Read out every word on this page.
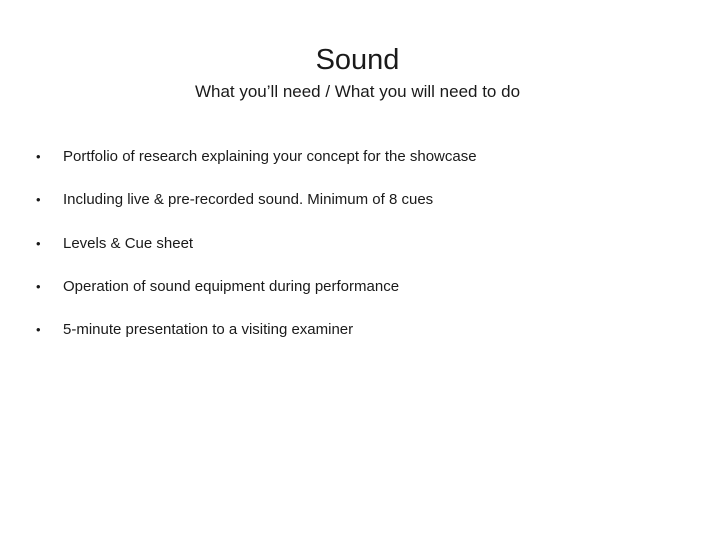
Sound

What you’ll need / What you will need to do

•	Portfolio of research explaining your concept for the showcase
•	Including live & pre-recorded sound. Minimum of 8 cues
•	Levels & Cue sheet
•	Operation of sound equipment during performance
•	5-minute presentation to a visiting examiner
